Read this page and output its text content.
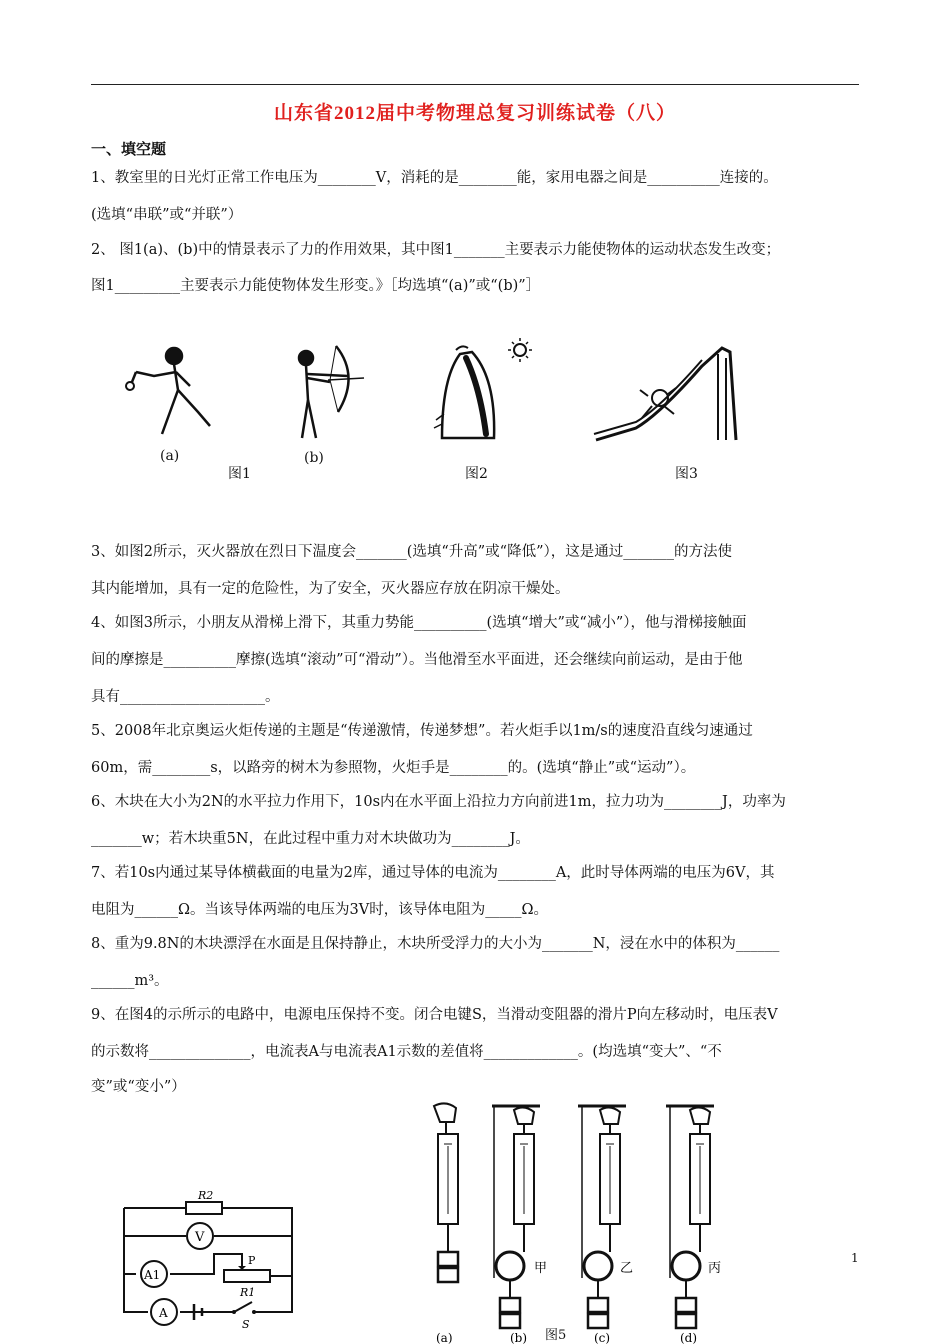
山东省2012届中考物理总复习训练试卷（八）
一、填空题
1、教室里的日光灯正常工作电压为________V，消耗的是________能，家用电器之间是__________连接的。
(选填“串联”或“并联”）
2、 图1(a)、(b)中的情景表示了力的作用效果，其中图1_______主要表示力能使物体的运动状态发生改变；
图1_________主要表示力能使物体发生形变。》［均选填“(a)”或“(b)”］
(a)	(b)
图1	图2	图3
3、如图2所示，灭火器放在烈日下温度会_______(选填“升高”或“降低”），这是通过_______的方法使
其内能增加，具有一定的危险性，为了安全，灭火器应存放在阴凉干燥处。
4、如图3所示，小朋友从滑梯上滑下，其重力势能__________(选填“增大”或“减小”），他与滑梯接触面
间的摩擦是__________摩擦(选填“滚动”可“滑动”）。当他滑至水平面进，还会继续向前运动，是由于他
具有____________________。
5、2008年北京奥运火炬传递的主题是“传递激情，传递梦想”。若火炬手以1m/s的速度沿直线匀速通过
60m，需________s，以路旁的树木为参照物，火炬手是________的。(选填“静止”或“运动”）。
6、木块在大小为2N的水平拉力作用下，10s内在水平面上沿拉力方向前进1m，拉力功为________J，功率为
_______w；若木块重5N，在此过程中重力对木块做功为________J。
7、若10s内通过某导体横截面的电量为2库，通过导体的电流为________A，此时导体两端的电压为6V，其
电阻为______Ω。当该导体两端的电压为3V时，该导体电阻为_____Ω。
8、重为9.8N的木块漂浮在水面是且保持静止，木块所受浮力的大小为_______N，浸在水中的体积为______
______m³。
9、在图4的示所示的电路中，电源电压保持不变。闭合电键S，当滑动变阻器的滑片P向左移动时，电压表V
的示数将______________，电流表A与电流表A1示数的差值将_____________。(均选填“变大”、“不
变”或“变小”）
R2
V
A1
P
R1
A
S
甲	乙	丙
(a)	(b)	(c)	(d)
图5
1
